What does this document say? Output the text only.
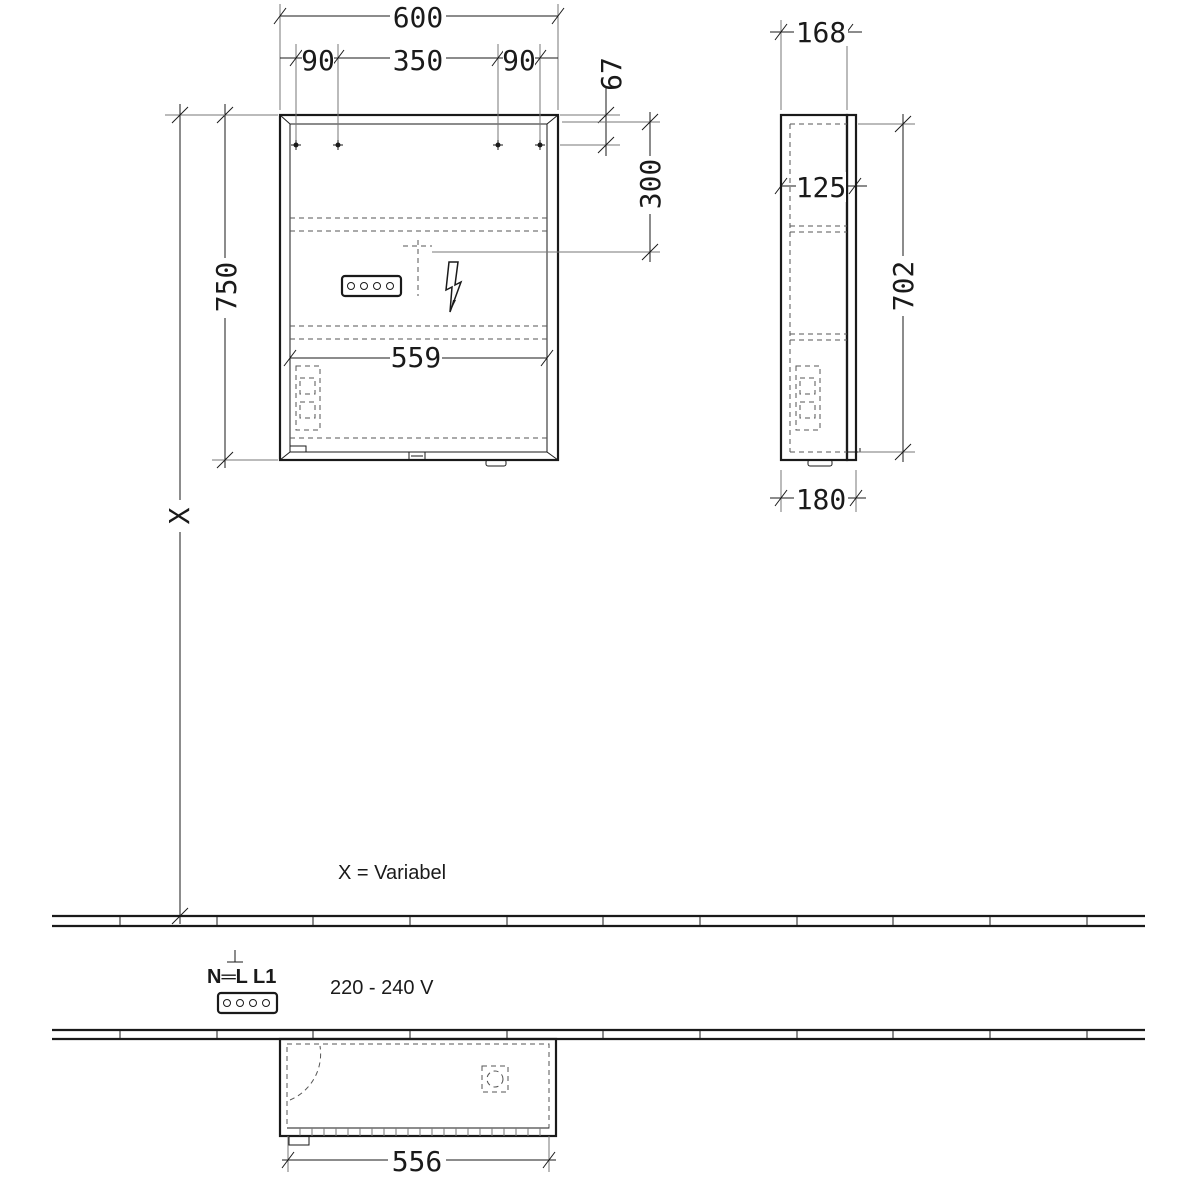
559
600
90 350 90 67
300
750
X
168
125
702
180
X = Variabel
N═L L1	220 - 240 V
556
